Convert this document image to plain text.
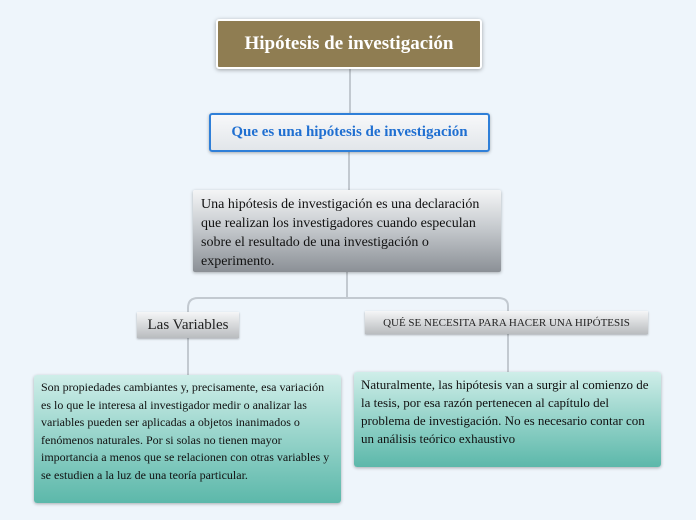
Hipótesis de investigación
Que es una hipótesis de investigación
Una hipótesis de investigación es una declaración que realizan los investigadores cuando especulan sobre el resultado de una investigación o experimento.
Las Variables	QUÉ SE NECESITA PARA HACER UNA HIPÓTESIS
Son propiedades cambiantes y, precisamente, esa variación es lo que le interesa al investigador medir o analizar las variables pueden ser aplicadas a objetos inanimados o fenómenos naturales. Por si solas no tienen mayor importancia a menos que se relacionen con otras variables y se estudien a la luz de una teoría particular.
Naturalmente, las hipótesis van a surgir al comienzo de la tesis, por esa razón pertenecen al capítulo del problema de investigación. No es necesario contar con un análisis teórico exhaustivo
